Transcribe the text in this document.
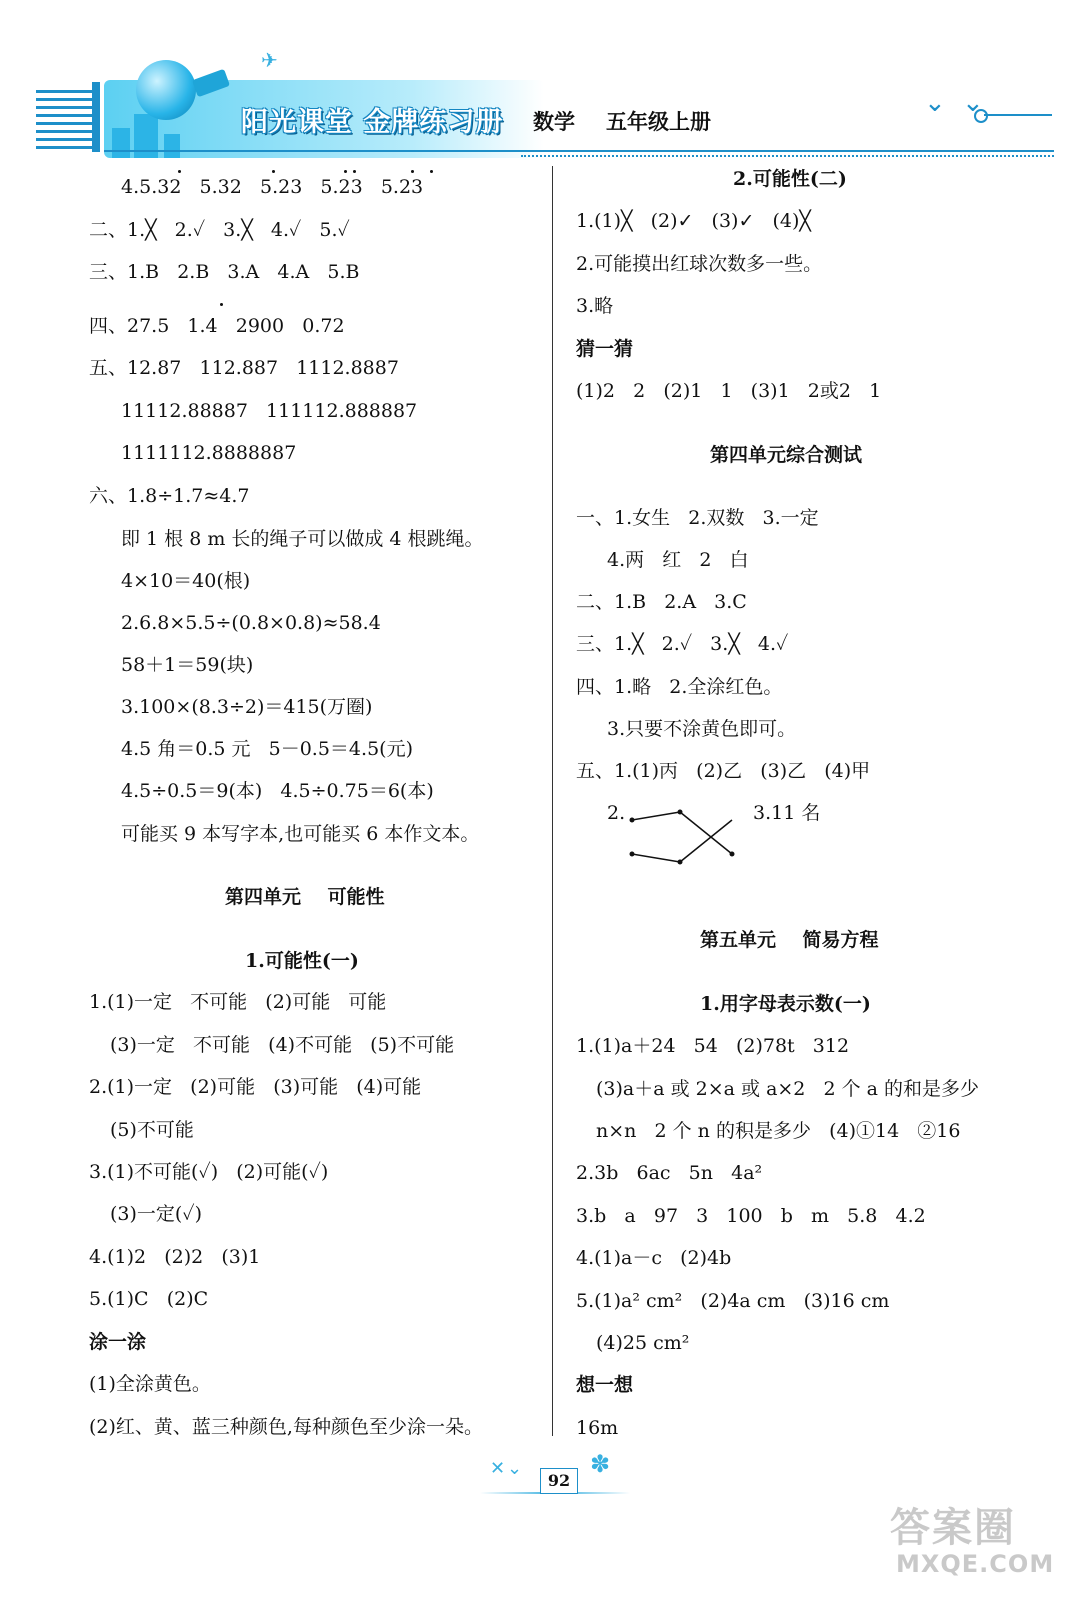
✈
阳光课堂 金牌练习册 数学 五年级上册
⌄ ⌄
4.5.32   5.32   5.23   5.23   5.23
二、1.╳   2.✓   3.╳   4.✓   5.✓
三、1.B   2.B   3.A   4.A   5.B
四、27.5   1.4   2900   0.72
五、12.87   112.887   1112.8887
11112.88887   111112.888887
1111112.8888887
六、1.8÷1.7≈4.7
即 1 根 8 m 长的绳子可以做成 4 根跳绳。
4×10＝40(根)
2.6.8×5.5÷(0.8×0.8)≈58.4
58＋1＝59(块)
3.100×(8.3÷2)＝415(万圈)
4.5 角＝0.5 元   5－0.5＝4.5(元)
4.5÷0.5＝9(本)   4.5÷0.75＝6(本)
可能买 9 本写字本,也可能买 6 本作文本。
第四单元    可能性
1.可能性(一)
1.(1)一定   不可能   (2)可能   可能
(3)一定   不可能   (4)不可能   (5)不可能
2.(1)一定   (2)可能   (3)可能   (4)可能
(5)不可能
3.(1)不可能(✓)   (2)可能(✓)
(3)一定(✓)
4.(1)2   (2)2   (3)1
5.(1)C   (2)C
涂一涂
(1)全涂黄色。
(2)红、黄、蓝三种颜色,每种颜色至少涂一朵。
2.可能性(二)
1.(1)╳   (2)✓   (3)✓   (4)╳
2.可能摸出红球次数多一些。
3.略
猜一猜
(1)2   2   (2)1   1   (3)1   2或2   1
第四单元综合测试
一、1.女生   2.双数   3.一定
4.两   红   2   白
二、1.B   2.A   3.C
三、1.╳   2.✓   3.╳   4.✓
四、1.略   2.全涂红色。
3.只要不涂黄色即可。
五、1.(1)丙   (2)乙   (3)乙   (4)甲
2.	3.11 名
第五单元    简易方程
1.用字母表示数(一)
1.(1)a＋24   54   (2)78t   312
(3)a＋a 或 2×a 或 a×2   2 个 a 的和是多少
n×n   2 个 n 的积是多少   (4)①14   ②16
2.3b   6ac   5n   4a²
3.b   a   97   3   100   b   m   5.8   4.2
4.(1)a－c   (2)4b
5.(1)a² cm²   (2)4a cm   (3)16 cm
(4)25 cm²
想一想
16m
✕ ⌄	✽
92
答案圈
MXQE.COM
